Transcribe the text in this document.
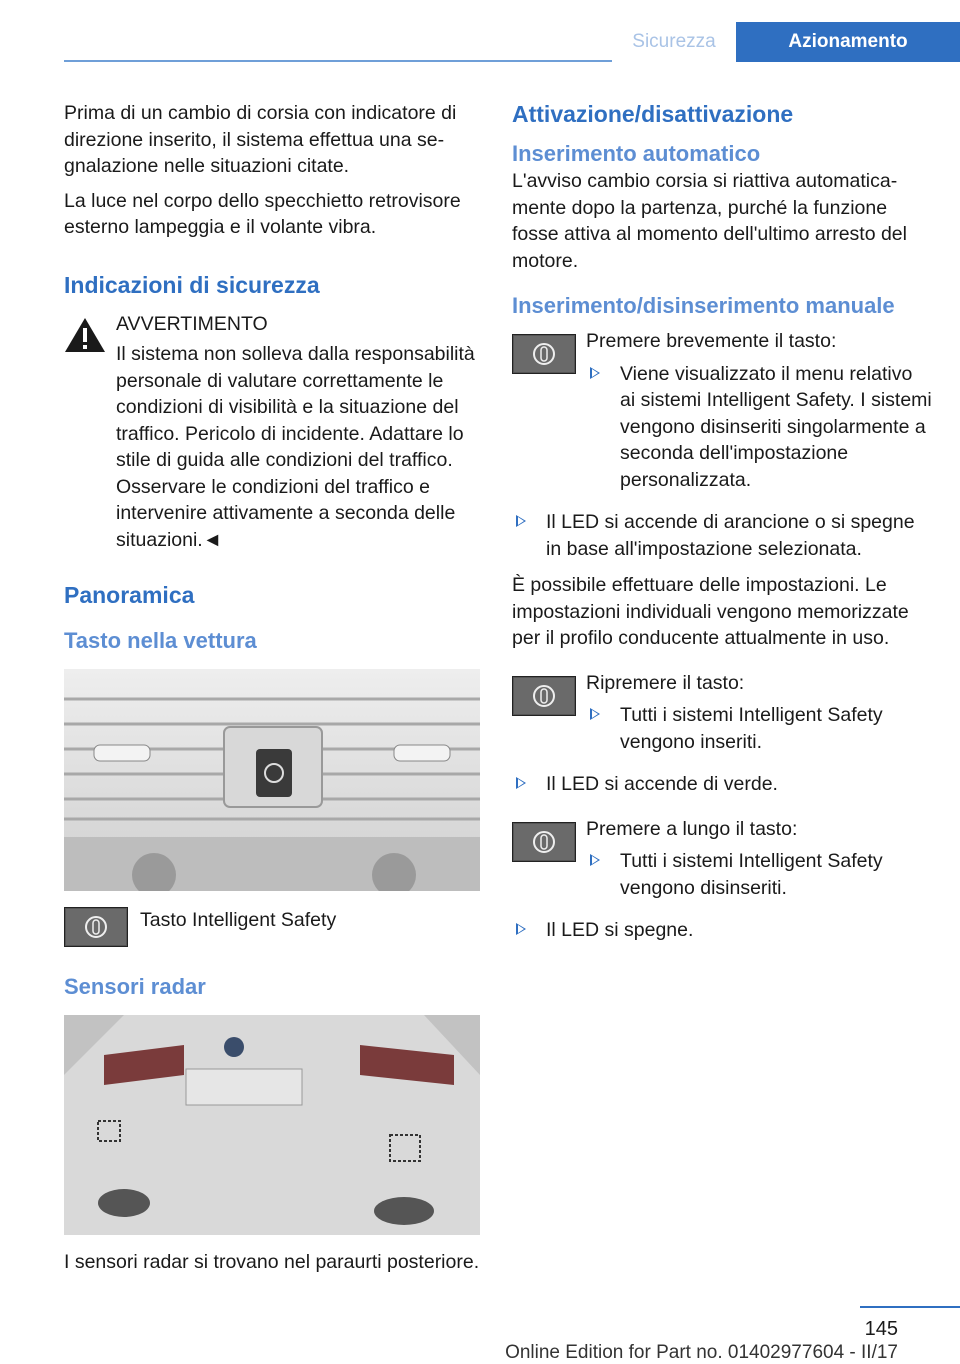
Sicurezza	Azionamento

Prima di un cambio di corsia con indicatore di direzione inserito, il sistema effettua una segnalazione nelle situazioni citate.

La luce nel corpo dello specchietto retrovisore esterno lampeggia e il volante vibra.

Indicazioni di sicurezza
AVVERTIMENTO
Il sistema non solleva dalla responsabilità personale di valutare correttamente le condizioni di visibilità e la situazione del traffico. Pericolo di incidente. Adattare lo stile di guida alle condizioni del traffico. Osservare le condizioni del traffico e intervenire attivamente a seconda delle situazioni.◄
Panoramica
Tasto nella vettura
Tasto Intelligent Safety
Sensori radar

I sensori radar si trovano nel paraurti posteriore.

Attivazione/disattivazione
Inserimento automatico

L'avviso cambio corsia si riattiva automaticamente dopo la partenza, purché la funzione fosse attiva al momento dell'ultimo arresto del motore.

Inserimento/disinserimento manuale
Premere brevemente il tasto:
Viene visualizzato il menu relativo ai sistemi Intelligent Safety. I sistemi vengono disinseriti singolarmente a seconda dell'impostazione personalizzata.
Il LED si accende di arancione o si spegne in base all'impostazione selezionata.

È possibile effettuare delle impostazioni. Le impostazioni individuali vengono memorizzate per il profilo conducente attualmente in uso.

Ripremere il tasto:
Tutti i sistemi Intelligent Safety vengono inseriti.
Il LED si accende di verde.
Premere a lungo il tasto:
Tutti i sistemi Intelligent Safety vengono disinseriti.
Il LED si spegne.
145
Online Edition for Part no. 01402977604 - II/17
